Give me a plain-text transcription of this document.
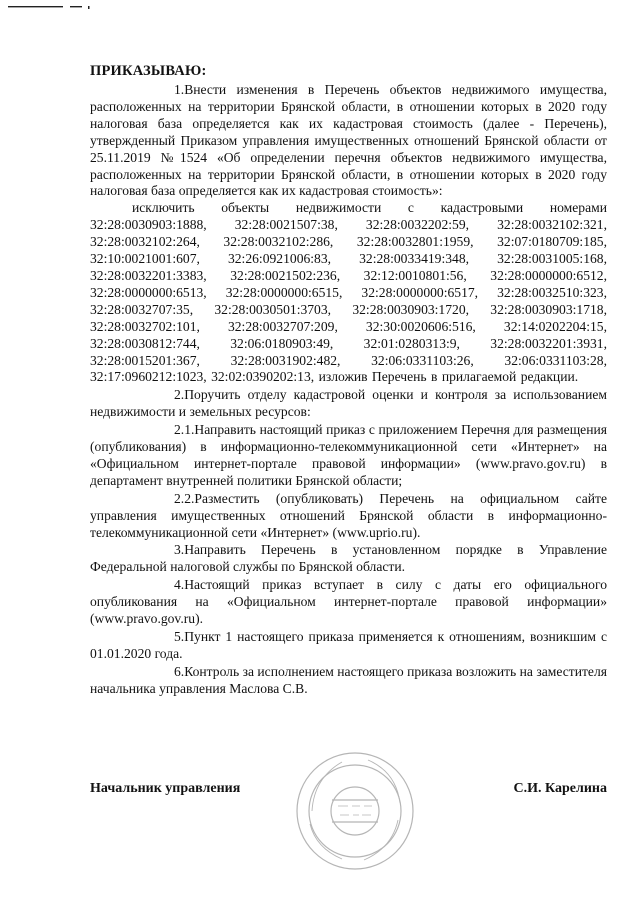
ПРИКАЗЫВАЮ:

1.Внести изменения в Перечень объектов недвижимого имущества, расположенных на территории Брянской области, в отношении которых в 2020 году налоговая база определяется как их кадастровая стоимость (далее - Перечень), утвержденный Приказом управления имущественных отношений Брянской области от 25.11.2019 №1524 «Об определении перечня объектов недвижимого имущества, расположенных на территории Брянской области, в отношении которых в 2020 году налоговая база определяется как их кадастровая стоимость»:

исключить объекты недвижимости с кадастровыми номерами

32:28:0030903:1888, 32:28:0021507:38, 32:28:0032202:59, 32:28:0032102:321, 32:28:0032102:264, 32:28:0032102:286, 32:28:0032801:1959, 32:07:0180709:185, 32:10:0021001:607, 32:26:0921006:83, 32:28:0033419:348, 32:28:0031005:168, 32:28:0032201:3383, 32:28:0021502:236, 32:12:0010801:56, 32:28:0000000:6512, 32:28:0000000:6513, 32:28:0000000:6515, 32:28:0000000:6517, 32:28:0032510:323, 32:28:0032707:35, 32:28:0030501:3703, 32:28:0030903:1720, 32:28:0030903:1718, 32:28:0032702:101, 32:28:0032707:209, 32:30:0020606:516, 32:14:0202204:15, 32:28:0030812:744, 32:06:0180903:49, 32:01:0280313:9, 32:28:0032201:3931, 32:28:0015201:367, 32:28:0031902:482, 32:06:0331103:26, 32:06:0331103:28, 32:17:0960212:1023, 32:02:0390202:13, изложив Перечень в прилагаемой редакции.

2.Поручить отделу кадастровой оценки и контроля за использованием недвижимости и земельных ресурсов:

2.1.Направить настоящий приказ с приложением Перечня для размещения (опубликования) в информационно-телекоммуникационной сети «Интернет» на «Официальном интернет-портале правовой информации» (www.pravo.gov.ru) в департамент внутренней политики Брянской области;

2.2.Разместить (опубликовать) Перечень на официальном сайте управления имущественных отношений Брянской области в информационно-телекоммуникационной сети «Интернет» (www.uprio.ru).

3.Направить Перечень в установленном порядке в Управление Федеральной налоговой службы по Брянской области.

4.Настоящий приказ вступает в силу с даты его официального опубликования на «Официальном интернет-портале правовой информации» (www.pravo.gov.ru).

5.Пункт 1 настоящего приказа применяется к отношениям, возникшим с 01.01.2020 года.

6.Контроль за исполнением настоящего приказа возложить на заместителя начальника управления Маслова С.В.

Начальник управления	С.И. Карелина
